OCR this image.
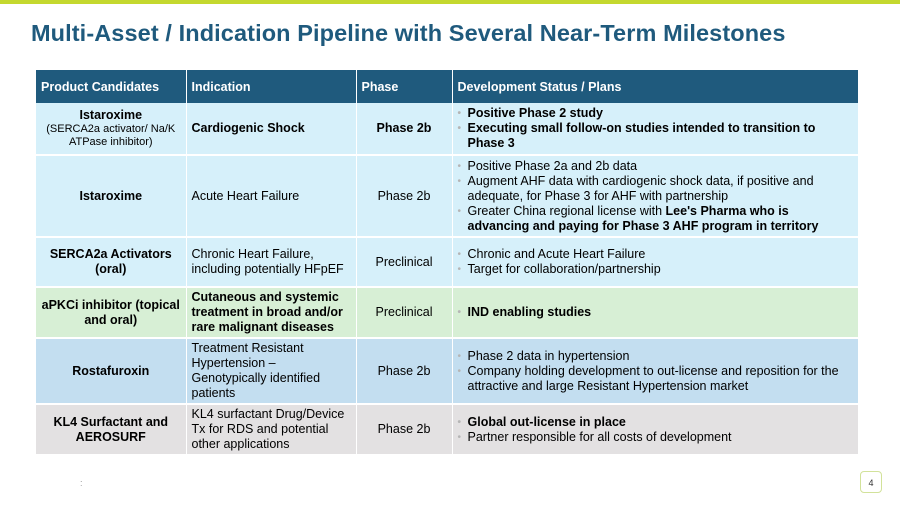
Multi-Asset / Indication Pipeline with Several Near-Term Milestones
Product Candidates	Indication	Phase	Development Status / Plans
Istaroxime
(SERCA2a activator/ Na/K ATPase inhibitor)
	Cardiogenic Shock	Phase 2b	
• Positive Phase 2 study
• Executing small follow-on studies intended to transition to Phase 3

Istaroxime	Acute Heart Failure	Phase 2b	
• Positive Phase 2a and 2b data
• Augment AHF data with cardiogenic shock data, if positive and adequate, for Phase 3 for AHF with partnership
• Greater China regional license with Lee's Pharma who is advancing and paying for Phase 3 AHF program in territory

SERCA2a Activators (oral)	Chronic Heart Failure, including potentially HFpEF	Preclinical	
• Chronic and Acute Heart Failure
• Target for collaboration/partnership

aPKCi inhibitor (topical and oral)	Cutaneous and systemic treatment in broad and/or rare malignant diseases	Preclinical	
•IND enabling studies

Rostafuroxin	Treatment Resistant Hypertension – Genotypically identified patients	Phase 2b	
• Phase 2 data in hypertension
• Company holding development to out-license and reposition for the attractive and large Resistant Hypertension market

KL4 Surfactant and AEROSURF	KL4 surfactant Drug/Device Tx for RDS and potential other applications	Phase 2b	
• Global out-license in place
• Partner responsible for all costs of development
:	4
